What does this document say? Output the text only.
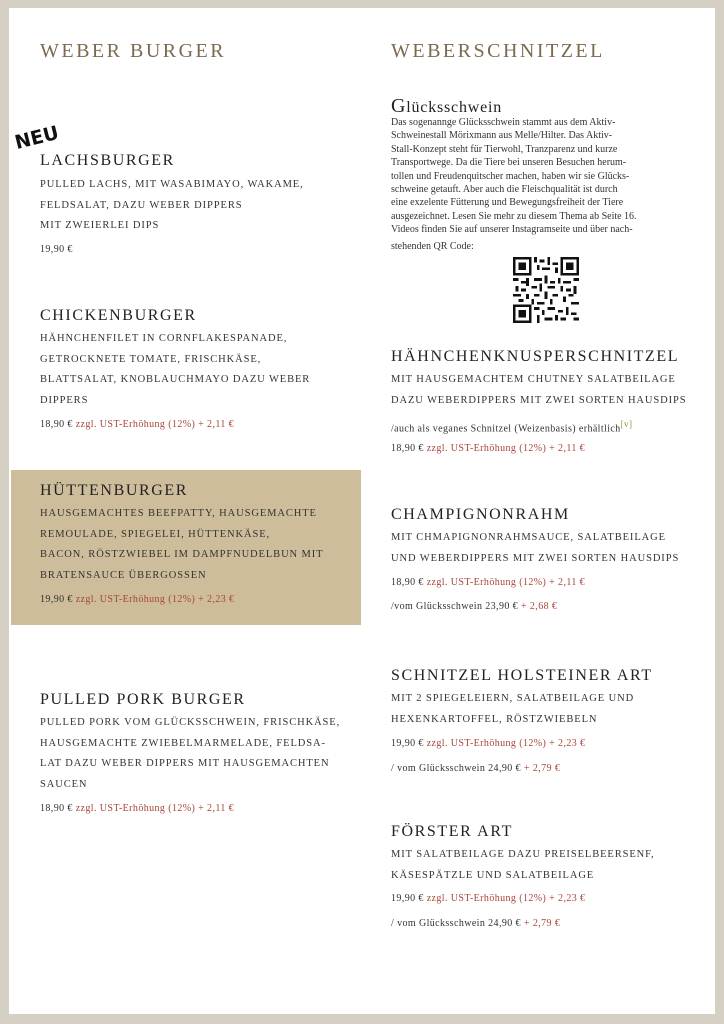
WEBER BURGER
NEU
LACHSBURGER
PULLED LACHS, MIT WASABIMAYO, WAKAME,
FELDSALAT, DAZU WEBER DIPPERS
MIT ZWEIERLEI DIPS
19,90 €
CHICKENBURGER
HÄHNCHENFILET IN CORNFLAKESPANADE,
GETROCKNETE TOMATE, FRISCHKÄSE,
BLATTSALAT, KNOBLAUCHMAYO DAZU WEBER
DIPPERS
18,90 € zzgl. UST-Erhöhung (12%) + 2,11 €
HÜTTENBURGER
HAUSGEMACHTES BEEFPATTY, HAUSGEMACHTE
REMOULADE, SPIEGELEI, HÜTTENKÄSE,
BACON, RÖSTZWIEBEL IM DAMPFNUDELBUN MIT
BRATENSAUCE ÜBERGOSSEN
19,90 € zzgl. UST-Erhöhung (12%) + 2,23 €
PULLED PORK BURGER
PULLED PORK VOM GLÜCKSSCHWEIN, FRISCHKÄSE,
HAUSGEMACHTE ZWIEBELMARMELADE, FELDSA-
LAT DAZU WEBER DIPPERS MIT HAUSGEMACHTEN
SAUCEN
18,90 € zzgl. UST-Erhöhung (12%) + 2,11 €
WEBERSCHNITZEL
Glücksschwein
Das sogenannge Glücksschwein stammt aus dem Aktiv-
Schweinestall Mörixmann aus Melle/Hilter. Das Aktiv-
Stall-Konzept steht für Tierwohl, Tranzparenz und kurze
Transportwege. Da die Tiere bei unseren Besuchen herum-
tollen und Freudenquitscher machen, haben wir sie Glücks-
schweine getauft. Aber auch die Fleischqualität ist durch
eine exzelente Fütterung und Bewegungsfreiheit der Tiere
ausgezeichnet. Lesen Sie mehr zu diesem Thema ab Seite 16.
Videos finden Sie auf unserer Instagramseite und über nach-
stehenden QR Code:
HÄHNCHENKNUSPERSCHNITZEL
MIT HAUSGEMACHTEM CHUTNEY SALATBEILAGE
DAZU WEBERDIPPERS MIT ZWEI SORTEN HAUSDIPS
/auch als veganes Schnitzel (Weizenbasis) erhältlich[v]
18,90 € zzgl. UST-Erhöhung (12%) + 2,11 €
CHAMPIGNONRAHM
MIT CHMAPIGNONRAHMSAUCE, SALATBEILAGE
UND WEBERDIPPERS MIT ZWEI SORTEN HAUSDIPS
18,90 € zzgl. UST-Erhöhung (12%) + 2,11 €
/vom Glücksschwein 23,90 € + 2,68 €
SCHNITZEL HOLSTEINER ART
MIT 2 SPIEGELEIERN, SALATBEILAGE UND
HEXENKARTOFFEL, RÖSTZWIEBELN
19,90 € zzgl. UST-Erhöhung (12%) + 2,23 €
/ vom Glücksschwein 24,90 € + 2,79 €
FÖRSTER ART
MIT SALATBEILAGE DAZU PREISELBEERSENF,
KÄSESPÄTZLE UND SALATBEILAGE
19,90 € zzgl. UST-Erhöhung (12%) + 2,23 €
/ vom Glücksschwein 24,90 € + 2,79 €
